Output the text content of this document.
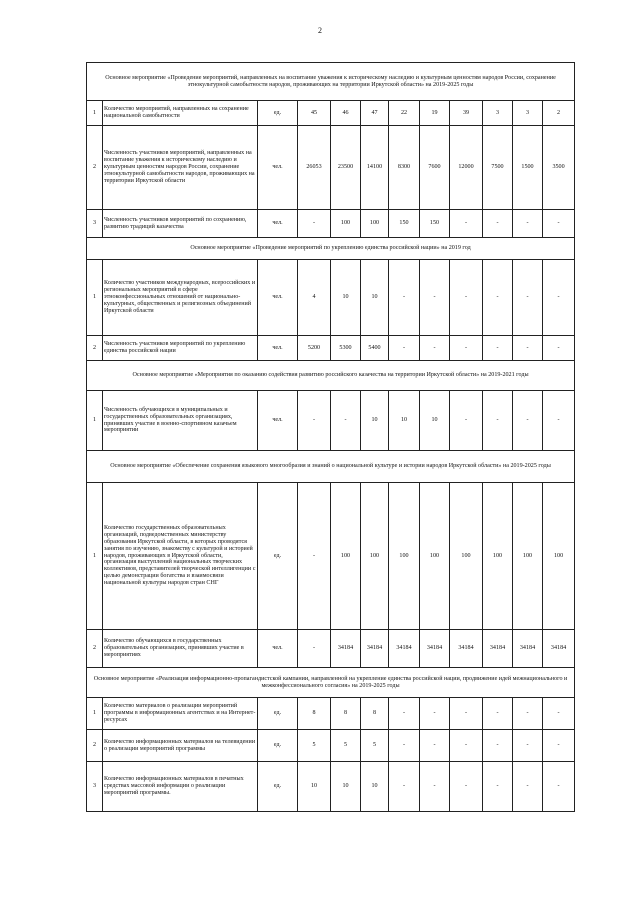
2
Основное мероприятие «Проведение мероприятий, направленных на воспитание уважения к историческому наследию и культурным ценностям народов России, сохранение этнокультурной самобытности народов, проживающих на территории Иркутской области» на 2019-2025 годы											
1	Количество мероприятий, направленных на сохранение национальной самобытности	ед.	45	46	47	22	19	39	3	3	2
2	Численность участников мероприятий, направленных на воспитание уважения к историческому наследию и культурным ценностям народов России, сохранение этнокультурной самобытности народов, проживающих на территории Иркутской области	чел.	26053	23500	14100	8300	7600	12000	7500	1500	3500
3	Численность участников мероприятий по сохранению, развитию традиций казачества	чел.	-	100	100	150	150	-	-	-	-
Основное мероприятие «Проведение мероприятий по укреплению единства российской нации» на 2019 год											
1	Количество участников международных, всероссийских и региональных мероприятий в сфере этноконфессиональных отношений от национально-культурных, общественных и религиозных объединений Иркутской области	чел.	4	10	10	-	-	-	-	-	-
2	Численность участников мероприятий по укреплению единства российской нации	чел.	5200	5300	5400	-	-	-	-	-	-
Основное мероприятие «Мероприятия по оказанию содействия развитию российского казачества на территории Иркутской области» на 2019-2021 годы											
1	Численность обучающихся в муниципальных и государственных образовательных организациях, принявших участие в военно-спортивном казачьем мероприятии	чел.	-	-	10	10	10	-	-	-	-
Основное мероприятие «Обеспечение сохранения языкового многообразия и знаний о национальной культуре и истории народов Иркутской области» на 2019-2025 годы											
1	Количество государственных образовательных организаций, подведомственных министерству образования Иркутской области, в которых проводятся занятия по изучению, знакомству с культурой и историей народов, проживающих в Иркутской области, организация выступлений национальных творческих коллективов, представителей творческой интеллигенции с целью демонстрации богатства и взаимосвязи национальной культуры народов стран СНГ	ед.	-	100	100	100	100	100	100	100	100
2	Количество обучающихся в государственных образовательных организациях, принявших участие в мероприятиях	чел.	-	34184	34184	34184	34184	34184	34184	34184	34184
Основное мероприятие «Реализация информационно-пропагандистской кампании, направленной на укрепление единства российской нации, продвижение идей межнационального и межконфессионального согласия» на 2019-2025 годы											
1	Количество материалов о реализации мероприятий программы в информационных агентствах и на Интернет-ресурсах	ед.	8	8	8	-	-	-	-	-	-
2	Количество информационных материалов на телевидении о реализации мероприятий программы	ед.	5	5	5	-	-	-	-	-	-
3	Количество информационных материалов в печатных средствах массовой информации о реализации мероприятий программы.	ед.	10	10	10	-	-	-	-	-	-
